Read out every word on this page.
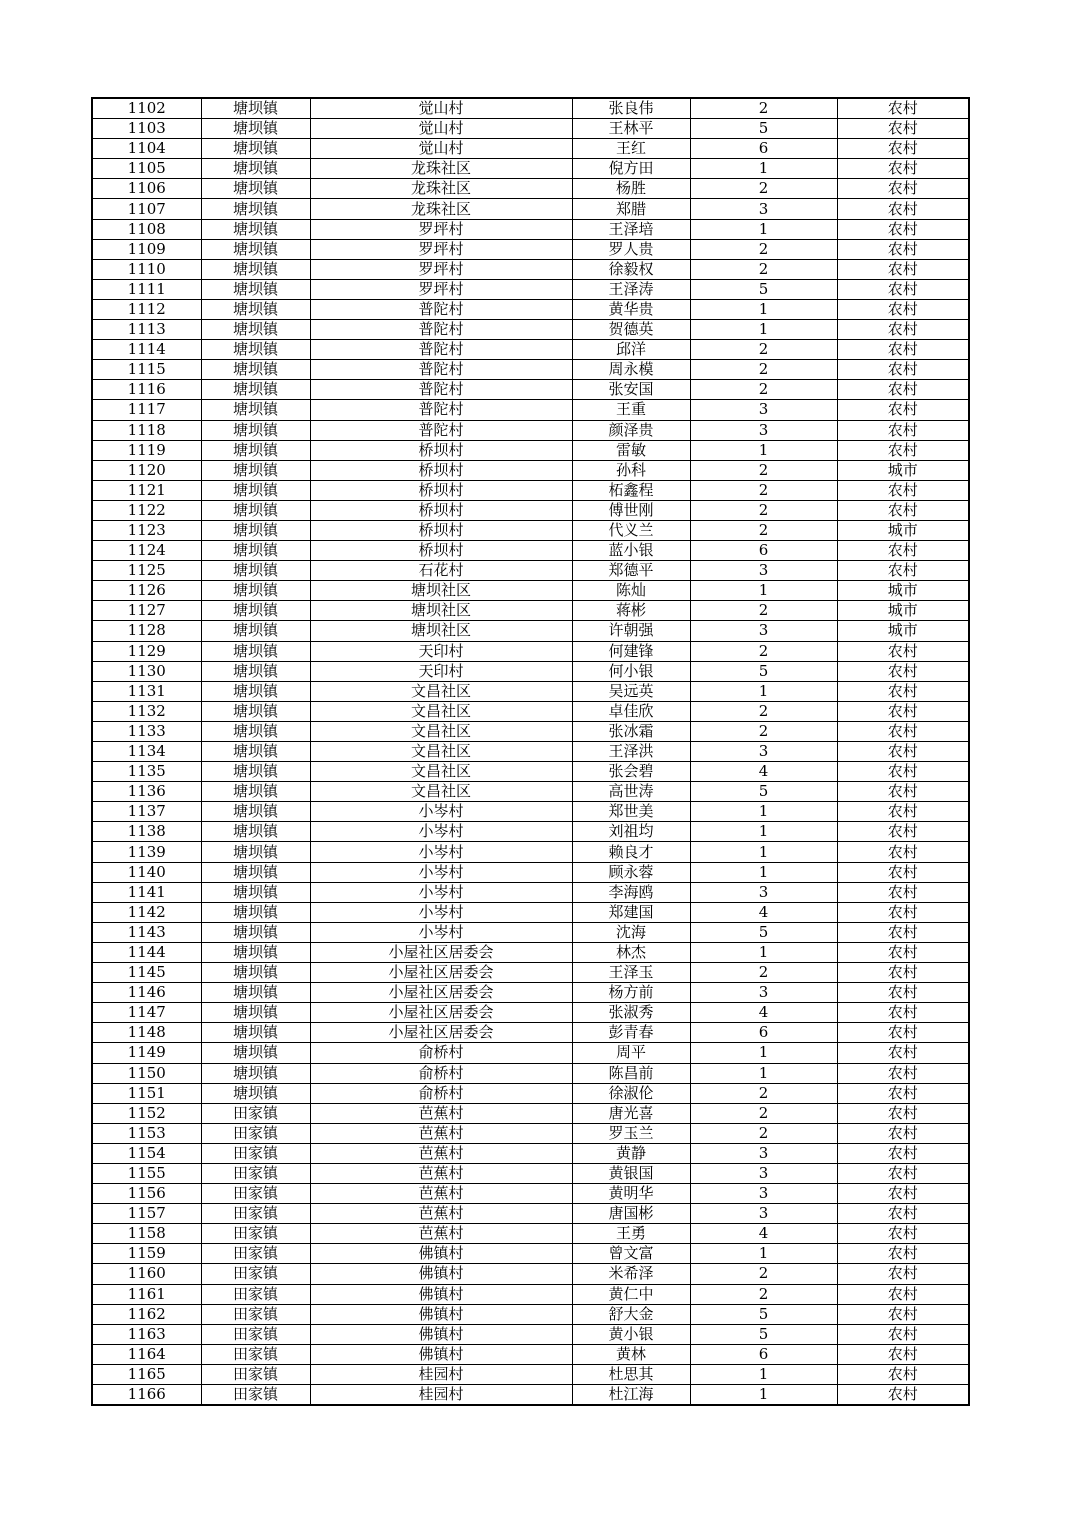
1102	塘坝镇	觉山村	张良伟	2	农村
1103	塘坝镇	觉山村	王林平	5	农村
1104	塘坝镇	觉山村	王红	6	农村
1105	塘坝镇	龙珠社区	倪方田	1	农村
1106	塘坝镇	龙珠社区	杨胜	2	农村
1107	塘坝镇	龙珠社区	郑腊	3	农村
1108	塘坝镇	罗坪村	王泽培	1	农村
1109	塘坝镇	罗坪村	罗人贵	2	农村
1110	塘坝镇	罗坪村	徐毅权	2	农村
1111	塘坝镇	罗坪村	王泽涛	5	农村
1112	塘坝镇	普陀村	黄华贵	1	农村
1113	塘坝镇	普陀村	贺德英	1	农村
1114	塘坝镇	普陀村	邱洋	2	农村
1115	塘坝镇	普陀村	周永模	2	农村
1116	塘坝镇	普陀村	张安国	2	农村
1117	塘坝镇	普陀村	王重	3	农村
1118	塘坝镇	普陀村	颜泽贵	3	农村
1119	塘坝镇	桥坝村	雷敏	1	农村
1120	塘坝镇	桥坝村	孙科	2	城市
1121	塘坝镇	桥坝村	柘鑫程	2	农村
1122	塘坝镇	桥坝村	傅世刚	2	农村
1123	塘坝镇	桥坝村	代义兰	2	城市
1124	塘坝镇	桥坝村	蓝小银	6	农村
1125	塘坝镇	石花村	郑德平	3	农村
1126	塘坝镇	塘坝社区	陈灿	1	城市
1127	塘坝镇	塘坝社区	蒋彬	2	城市
1128	塘坝镇	塘坝社区	许朝强	3	城市
1129	塘坝镇	天印村	何建锋	2	农村
1130	塘坝镇	天印村	何小银	5	农村
1131	塘坝镇	文昌社区	吴远英	1	农村
1132	塘坝镇	文昌社区	卓佳欣	2	农村
1133	塘坝镇	文昌社区	张冰霜	2	农村
1134	塘坝镇	文昌社区	王泽洪	3	农村
1135	塘坝镇	文昌社区	张会碧	4	农村
1136	塘坝镇	文昌社区	高世涛	5	农村
1137	塘坝镇	小岑村	郑世美	1	农村
1138	塘坝镇	小岑村	刘祖均	1	农村
1139	塘坝镇	小岑村	赖良才	1	农村
1140	塘坝镇	小岑村	顾永蓉	1	农村
1141	塘坝镇	小岑村	李海鸥	3	农村
1142	塘坝镇	小岑村	郑建国	4	农村
1143	塘坝镇	小岑村	沈海	5	农村
1144	塘坝镇	小屋社区居委会	林杰	1	农村
1145	塘坝镇	小屋社区居委会	王泽玉	2	农村
1146	塘坝镇	小屋社区居委会	杨方前	3	农村
1147	塘坝镇	小屋社区居委会	张淑秀	4	农村
1148	塘坝镇	小屋社区居委会	彭青春	6	农村
1149	塘坝镇	俞桥村	周平	1	农村
1150	塘坝镇	俞桥村	陈昌前	1	农村
1151	塘坝镇	俞桥村	徐淑伦	2	农村
1152	田家镇	芭蕉村	唐光喜	2	农村
1153	田家镇	芭蕉村	罗玉兰	2	农村
1154	田家镇	芭蕉村	黄静	3	农村
1155	田家镇	芭蕉村	黄银国	3	农村
1156	田家镇	芭蕉村	黄明华	3	农村
1157	田家镇	芭蕉村	唐国彬	3	农村
1158	田家镇	芭蕉村	王勇	4	农村
1159	田家镇	佛镇村	曾文富	1	农村
1160	田家镇	佛镇村	米希泽	2	农村
1161	田家镇	佛镇村	黄仁中	2	农村
1162	田家镇	佛镇村	舒大金	5	农村
1163	田家镇	佛镇村	黄小银	5	农村
1164	田家镇	佛镇村	黄林	6	农村
1165	田家镇	桂园村	杜思其	1	农村
1166	田家镇	桂园村	杜江海	1	农村
